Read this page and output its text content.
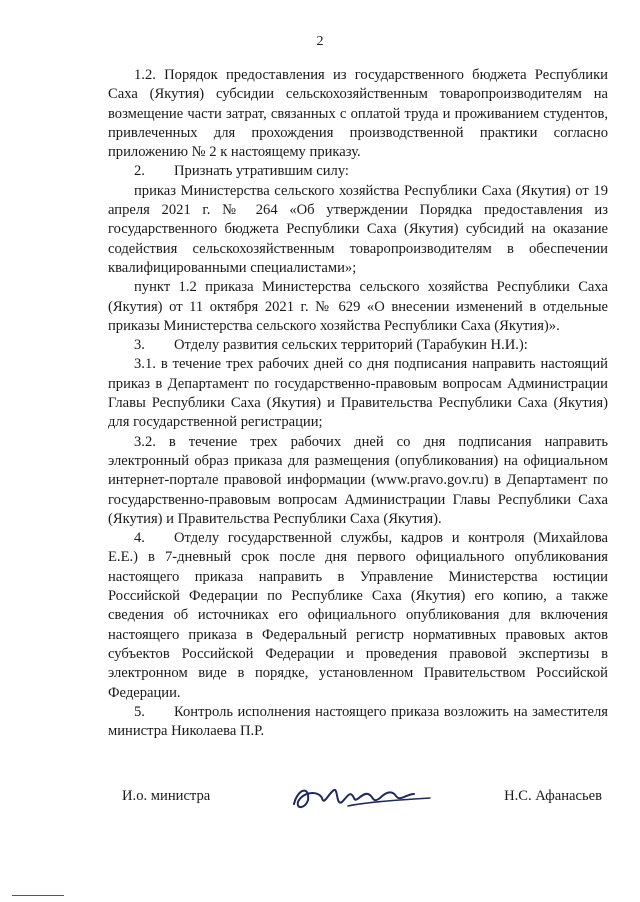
2

1.2. Порядок предоставления из государственного бюджета Республики Саха (Якутия) субсидии сельскохозяйственным товаропроизводителям на возмещение части затрат, связанных с оплатой труда и проживанием студентов, привлеченных для прохождения производственной практики согласно приложению № 2 к настоящему приказу.

2. Признать утратившим силу:

приказ Министерства сельского хозяйства Республики Саха (Якутия) от 19 апреля 2021 г. № 264 «Об утверждении Порядка предоставления из государственного бюджета Республики Саха (Якутия) субсидий на оказание содействия сельскохозяйственным товаропроизводителям в обеспечении квалифицированными специалистами»;

пункт 1.2 приказа Министерства сельского хозяйства Республики Саха (Якутия) от 11 октября 2021 г. № 629 «О внесении изменений в отдельные приказы Министерства сельского хозяйства Республики Саха (Якутия)».

3. Отделу развития сельских территорий (Тарабукин Н.И.):

3.1. в течение трех рабочих дней со дня подписания направить настоящий приказ в Департамент по государственно-правовым вопросам Администрации Главы Республики Саха (Якутия) и Правительства Республики Саха (Якутия) для государственной регистрации;

3.2. в течение трех рабочих дней со дня подписания направить электронный образ приказа для размещения (опубликования) на официальном интернет-портале правовой информации (www.pravo.gov.ru) в Департамент по государственно-правовым вопросам Администрации Главы Республики Саха (Якутия) и Правительства Республики Саха (Якутия).

4. Отделу государственной службы, кадров и контроля (Михайлова Е.Е.) в 7-дневный срок после дня первого официального опубликования настоящего приказа направить в Управление Министерства юстиции Российской Федерации по Республике Саха (Якутия) его копию, а также сведения об источниках его официального опубликования для включения настоящего приказа в Федеральный регистр нормативных правовых актов субъектов Российской Федерации и проведения правовой экспертизы в электронном виде в порядке, установленном Правительством Российской Федерации.

5. Контроль исполнения настоящего приказа возложить на заместителя министра Николаева П.Р.

И.о. министра	Н.С. Афанасьев
